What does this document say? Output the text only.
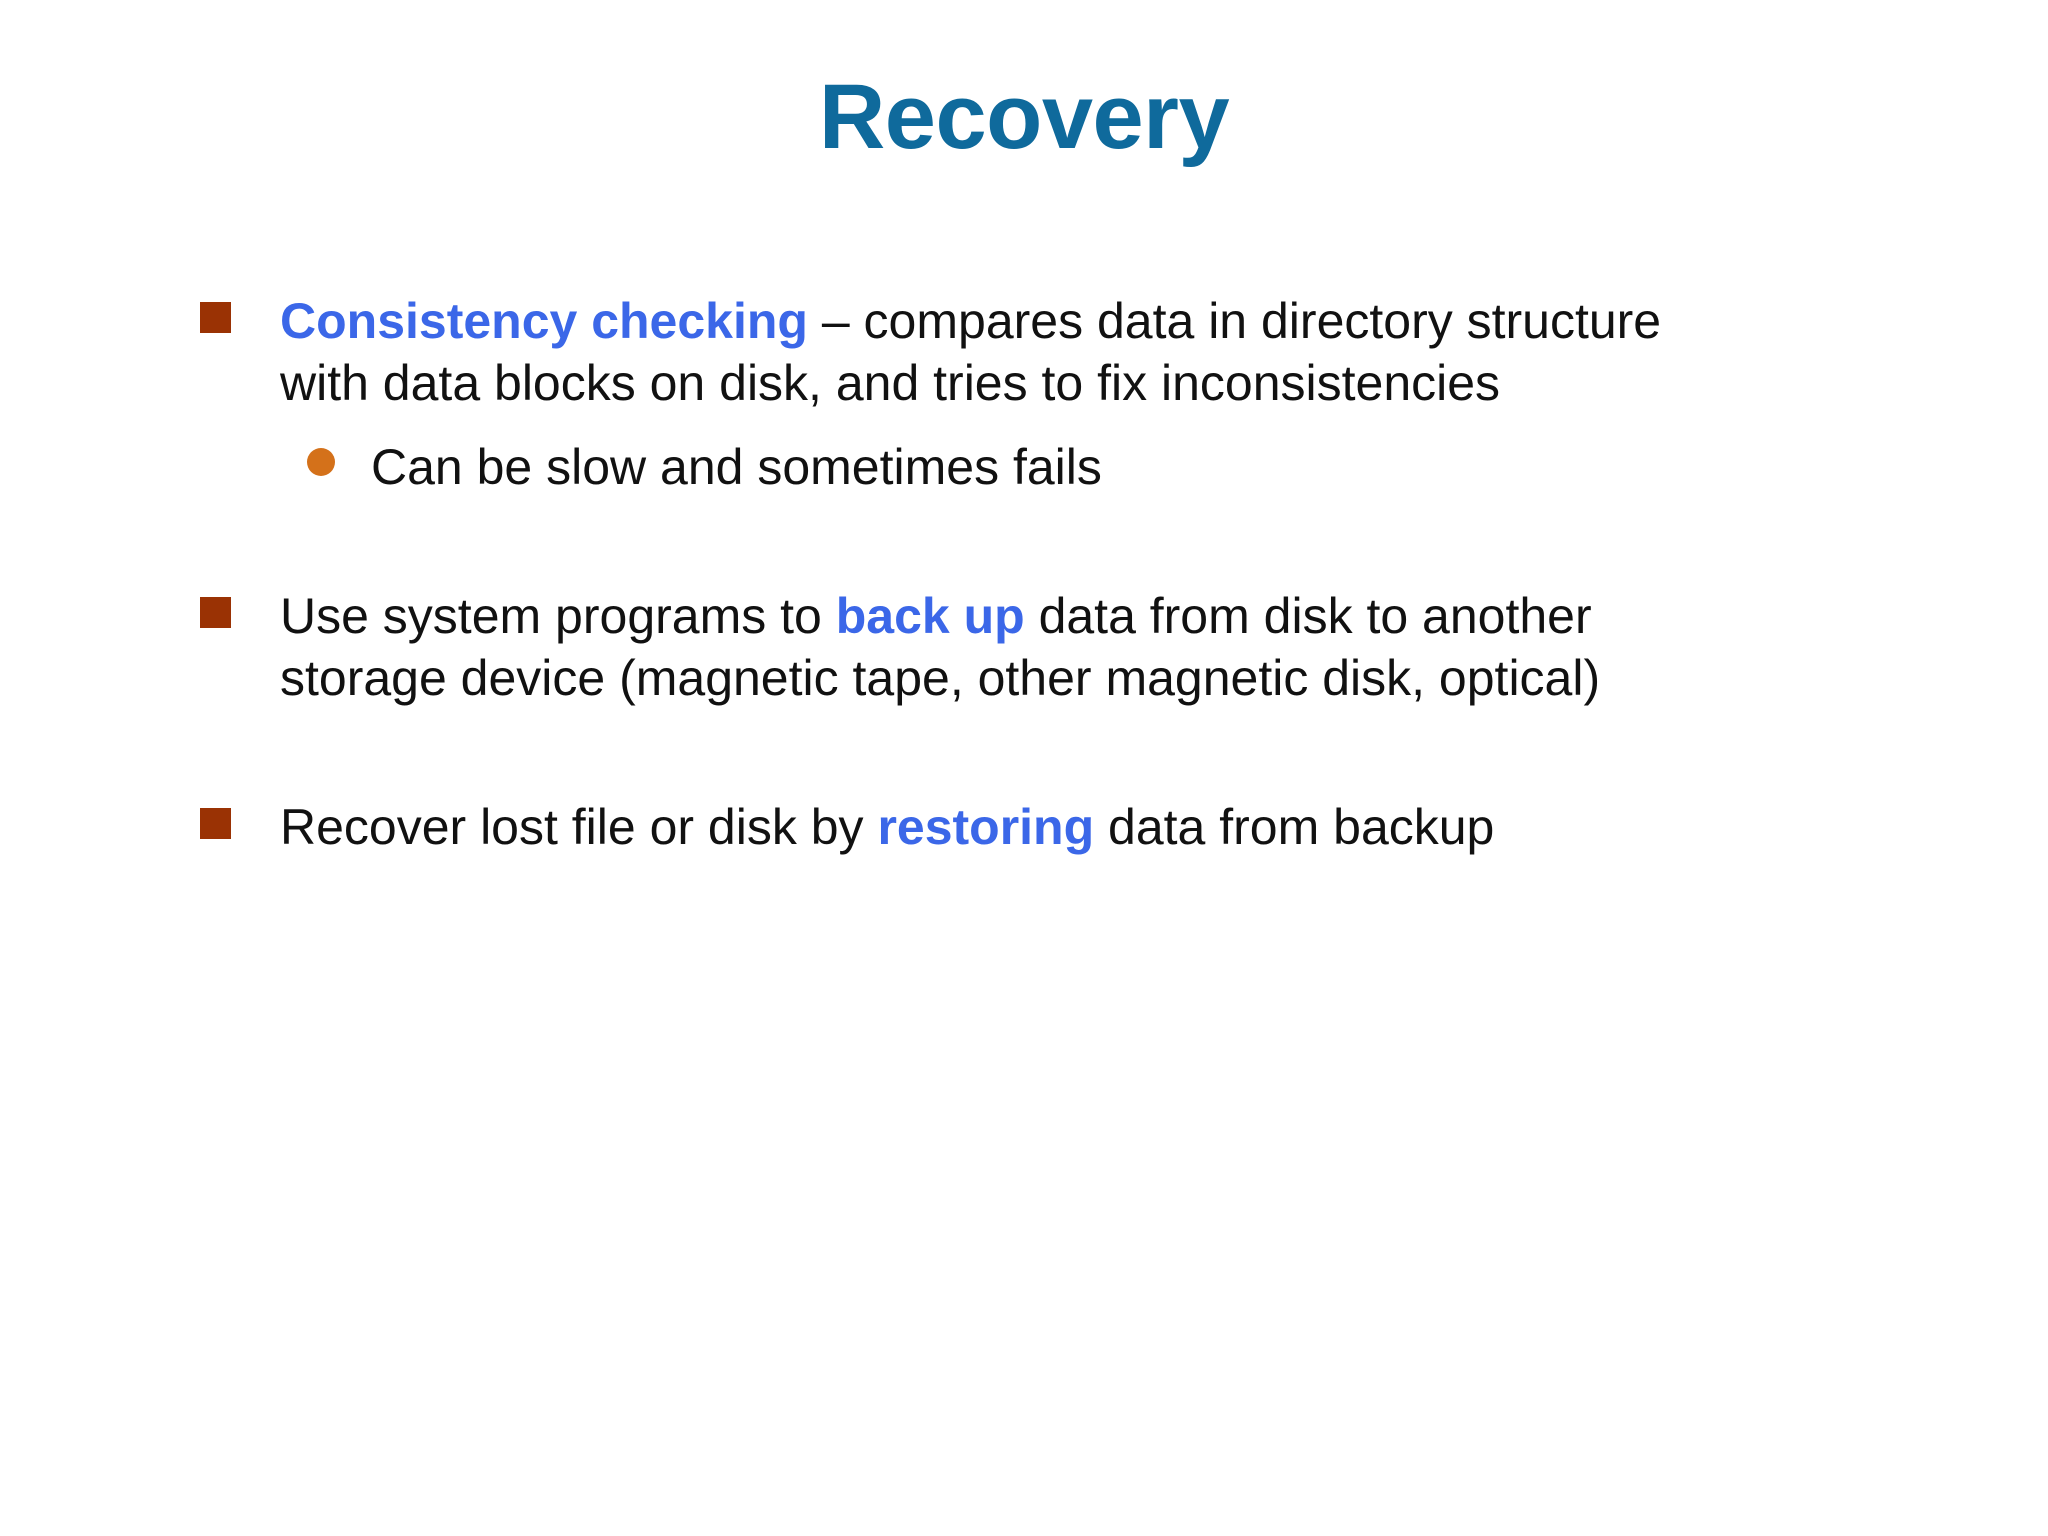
Recovery
Consistency checking – compares data in directory structure with data blocks on disk, and tries to fix inconsistencies
Can be slow and sometimes fails
Use system programs to back up data from disk to another storage device (magnetic tape, other magnetic disk, optical)
Recover lost file or disk by restoring data from backup
